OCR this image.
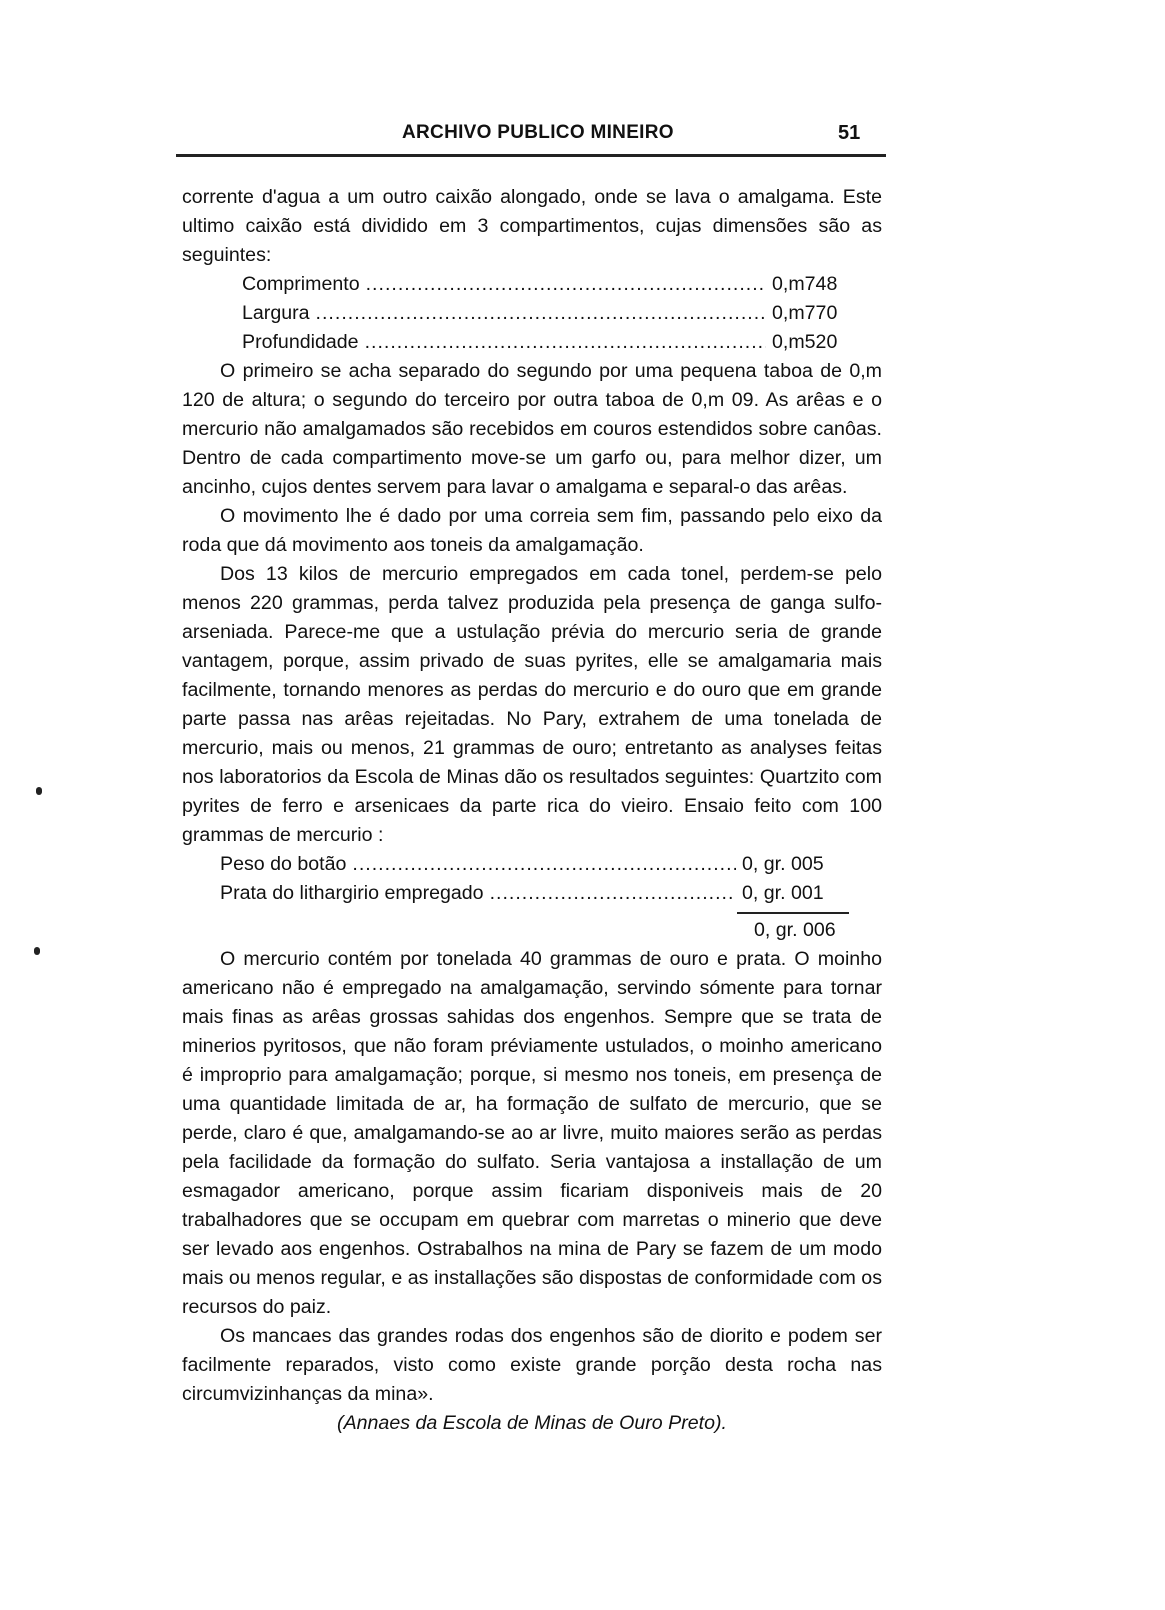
ARCHIVO PUBLICO MINEIRO	51

corrente d'agua a um outro caixão alongado, onde se lava o amalgama. Este ultimo caixão está dividido em 3 compartimentos, cujas dimensões são as seguintes:

Comprimento .....	0,m748
Largura .....	0,m770
Profundidade .....	0,m520

O primeiro se acha separado do segundo por uma pequena taboa de 0,m 120 de altura; o segundo do terceiro por outra taboa de 0,m 09. As arêas e o mercurio não amalgamados são recebidos em couros estendidos sobre canôas. Dentro de cada compartimento move-se um garfo ou, para melhor dizer, um ancinho, cujos dentes servem para lavar o amalgama e separal-o das arêas.

O movimento lhe é dado por uma correia sem fim, passando pelo eixo da roda que dá movimento aos toneis da amalgamação.

Dos 13 kilos de mercurio empregados em cada tonel, perdem-se pelo menos 220 grammas, perda talvez produzida pela presença de ganga sulfo-arseniada. Parece-me que a ustulação prévia do mercurio seria de grande vantagem, porque, assim privado de suas pyrites, elle se amalgamaria mais facilmente, tornando menores as perdas do mercurio e do ouro que em grande parte passa nas arêas rejeitadas. No Pary, extrahem de uma tonelada de mercurio, mais ou menos, 21 grammas de ouro; entretanto as analyses feitas nos laboratorios da Escola de Minas dão os resultados seguintes: Quartzito com pyrites de ferro e arsenicaes da parte rica do vieiro. Ensaio feito com 100 grammas de mercurio :

Peso do botão .....	0, gr. 005
Prata do lithargirio empregado .....	0, gr. 001
0, gr. 006

O mercurio contém por tonelada 40 grammas de ouro e prata. O moinho americano não é empregado na amalgamação, servindo sómente para tornar mais finas as arêas grossas sahidas dos engenhos. Sempre que se trata de minerios pyritosos, que não foram préviamente ustulados, o moinho americano é improprio para amalgamação; porque, si mesmo nos toneis, em presença de uma quantidade limitada de ar, ha formação de sulfato de mercurio, que se perde, claro é que, amalgamando-se ao ar livre, muito maiores serão as perdas pela facilidade da formação do sulfato. Seria vantajosa a installação de um esmagador americano, porque assim ficariam disponiveis mais de 20 trabalhadores que se occupam em quebrar com marretas o minerio que deve ser levado aos engenhos. Ostrabalhos na mina de Pary se fazem de um modo mais ou menos regular, e as installações são dispostas de conformidade com os recursos do paiz.

Os mancaes das grandes rodas dos engenhos são de diorito e podem ser facilmente reparados, visto como existe grande porção desta rocha nas circumvizinhanças da mina».

(Annaes da Escola de Minas de Ouro Preto).
